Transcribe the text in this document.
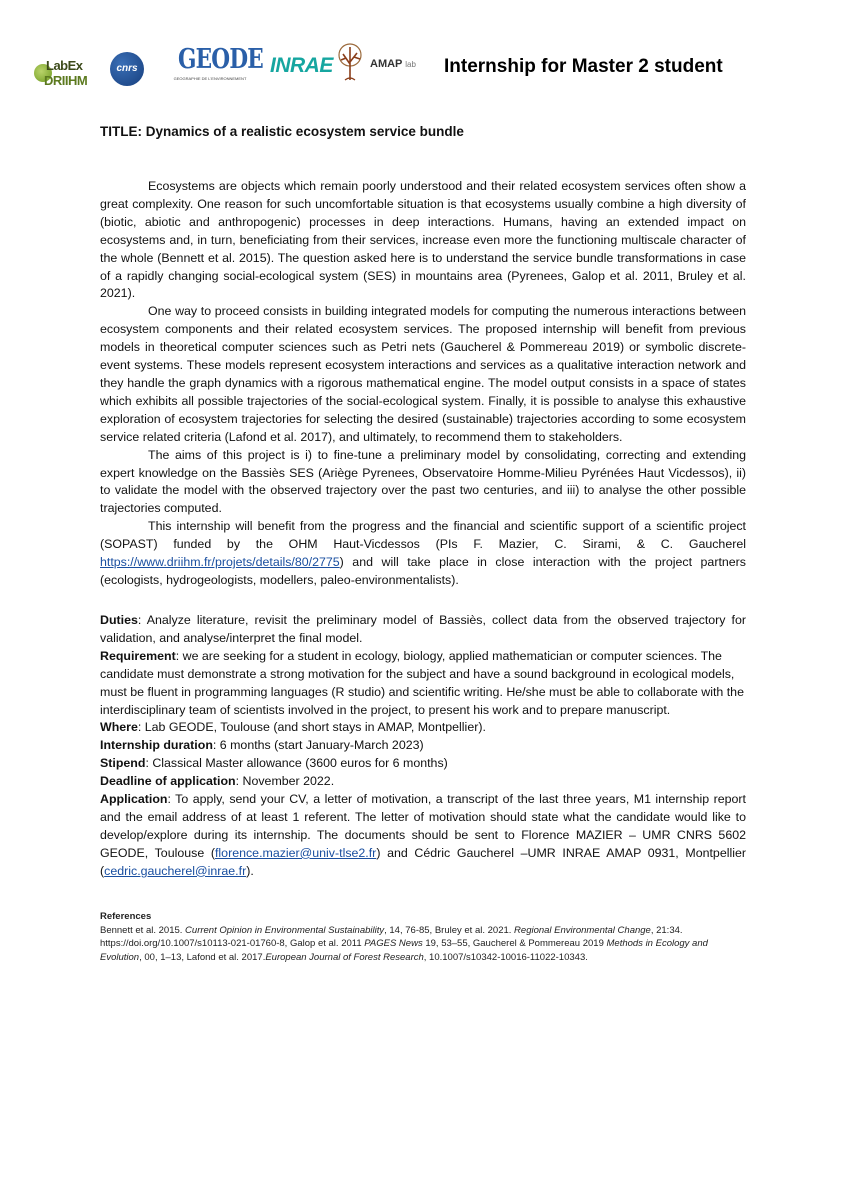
LabEx
DRIIHM
cnrs GEODE
GEOGRAPHIE DE L'ENVIRONNEMENT
INRAE	AMAP lab Internship for Master 2 student
TITLE: Dynamics of a realistic ecosystem service bundle

Ecosystems are objects which remain poorly understood and their related ecosystem services often show a great complexity. One reason for such uncomfortable situation is that ecosystems usually combine a high diversity of (biotic, abiotic and anthropogenic) processes in deep interactions. Humans, having an extended impact on ecosystems and, in turn, beneficiating from their services, increase even more the functioning multiscale character of the whole (Bennett et al. 2015). The question asked here is to understand the service bundle transformations in case of a rapidly changing social-ecological system (SES) in mountains area (Pyrenees, Galop et al. 2011, Bruley et al. 2021).

One way to proceed consists in building integrated models for computing the numerous interactions between ecosystem components and their related ecosystem services. The proposed internship will benefit from previous models in theoretical computer sciences such as Petri nets (Gaucherel & Pommereau 2019) or symbolic discrete-event systems. These models represent ecosystem interactions and services as a qualitative interaction network and they handle the graph dynamics with a rigorous mathematical engine. The model output consists in a space of states which exhibits all possible trajectories of the social-ecological system. Finally, it is possible to analyse this exhaustive exploration of ecosystem trajectories for selecting the desired (sustainable) trajectories according to some ecosystem service related criteria (Lafond et al. 2017), and ultimately, to recommend them to stakeholders.

The aims of this project is i) to fine-tune a preliminary model by consolidating, correcting and extending expert knowledge on the Bassiès SES (Ariège Pyrenees, Observatoire Homme-Milieu Pyrénées Haut Vicdessos), ii) to validate the model with the observed trajectory over the past two centuries, and iii) to analyse the other possible trajectories computed.

This internship will benefit from the progress and the financial and scientific support of a scientific project (SOPAST) funded by the OHM Haut-Vicdessos (PIs F. Mazier, C. Sirami, & C. Gaucherel https://www.driihm.fr/projets/details/80/2775) and will take place in close interaction with the project partners (ecologists, hydrogeologists, modellers, paleo-environmentalists).

Duties: Analyze literature, revisit the preliminary model of Bassiès, collect data from the observed trajectory for validation, and analyse/interpret the final model.

Requirement: we are seeking for a student in ecology, biology, applied mathematician or computer sciences. The candidate must demonstrate a strong motivation for the subject and have a sound background in ecological models, must be fluent in programming languages (R studio) and scientific writing. He/she must be able to collaborate with the interdisciplinary team of scientists involved in the project, to present his work and to prepare manuscript.

Where: Lab GEODE, Toulouse (and short stays in AMAP, Montpellier).

Internship duration: 6 months (start January-March 2023)

Stipend: Classical Master allowance (3600 euros for 6 months)

Deadline of application: November 2022.

Application: To apply, send your CV, a letter of motivation, a transcript of the last three years, M1 internship report and the email address of at least 1 referent. The letter of motivation should state what the candidate would like to develop/explore during its internship. The documents should be sent to Florence MAZIER – UMR CNRS 5602 GEODE, Toulouse (florence.mazier@univ-tlse2.fr) and Cédric Gaucherel –UMR INRAE AMAP 0931, Montpellier (cedric.gaucherel@inrae.fr).

References
Bennett et al. 2015. Current Opinion in Environmental Sustainability, 14, 76-85, Bruley et al. 2021. Regional Environmental Change, 21:34. https://doi.org/10.1007/s10113-021-01760-8, Galop et al. 2011 PAGES News 19, 53–55, Gaucherel & Pommereau 2019 Methods in Ecology and Evolution, 00, 1–13, Lafond et al. 2017.European Journal of Forest Research, 10.1007/s10342-10016-11022-10343.
